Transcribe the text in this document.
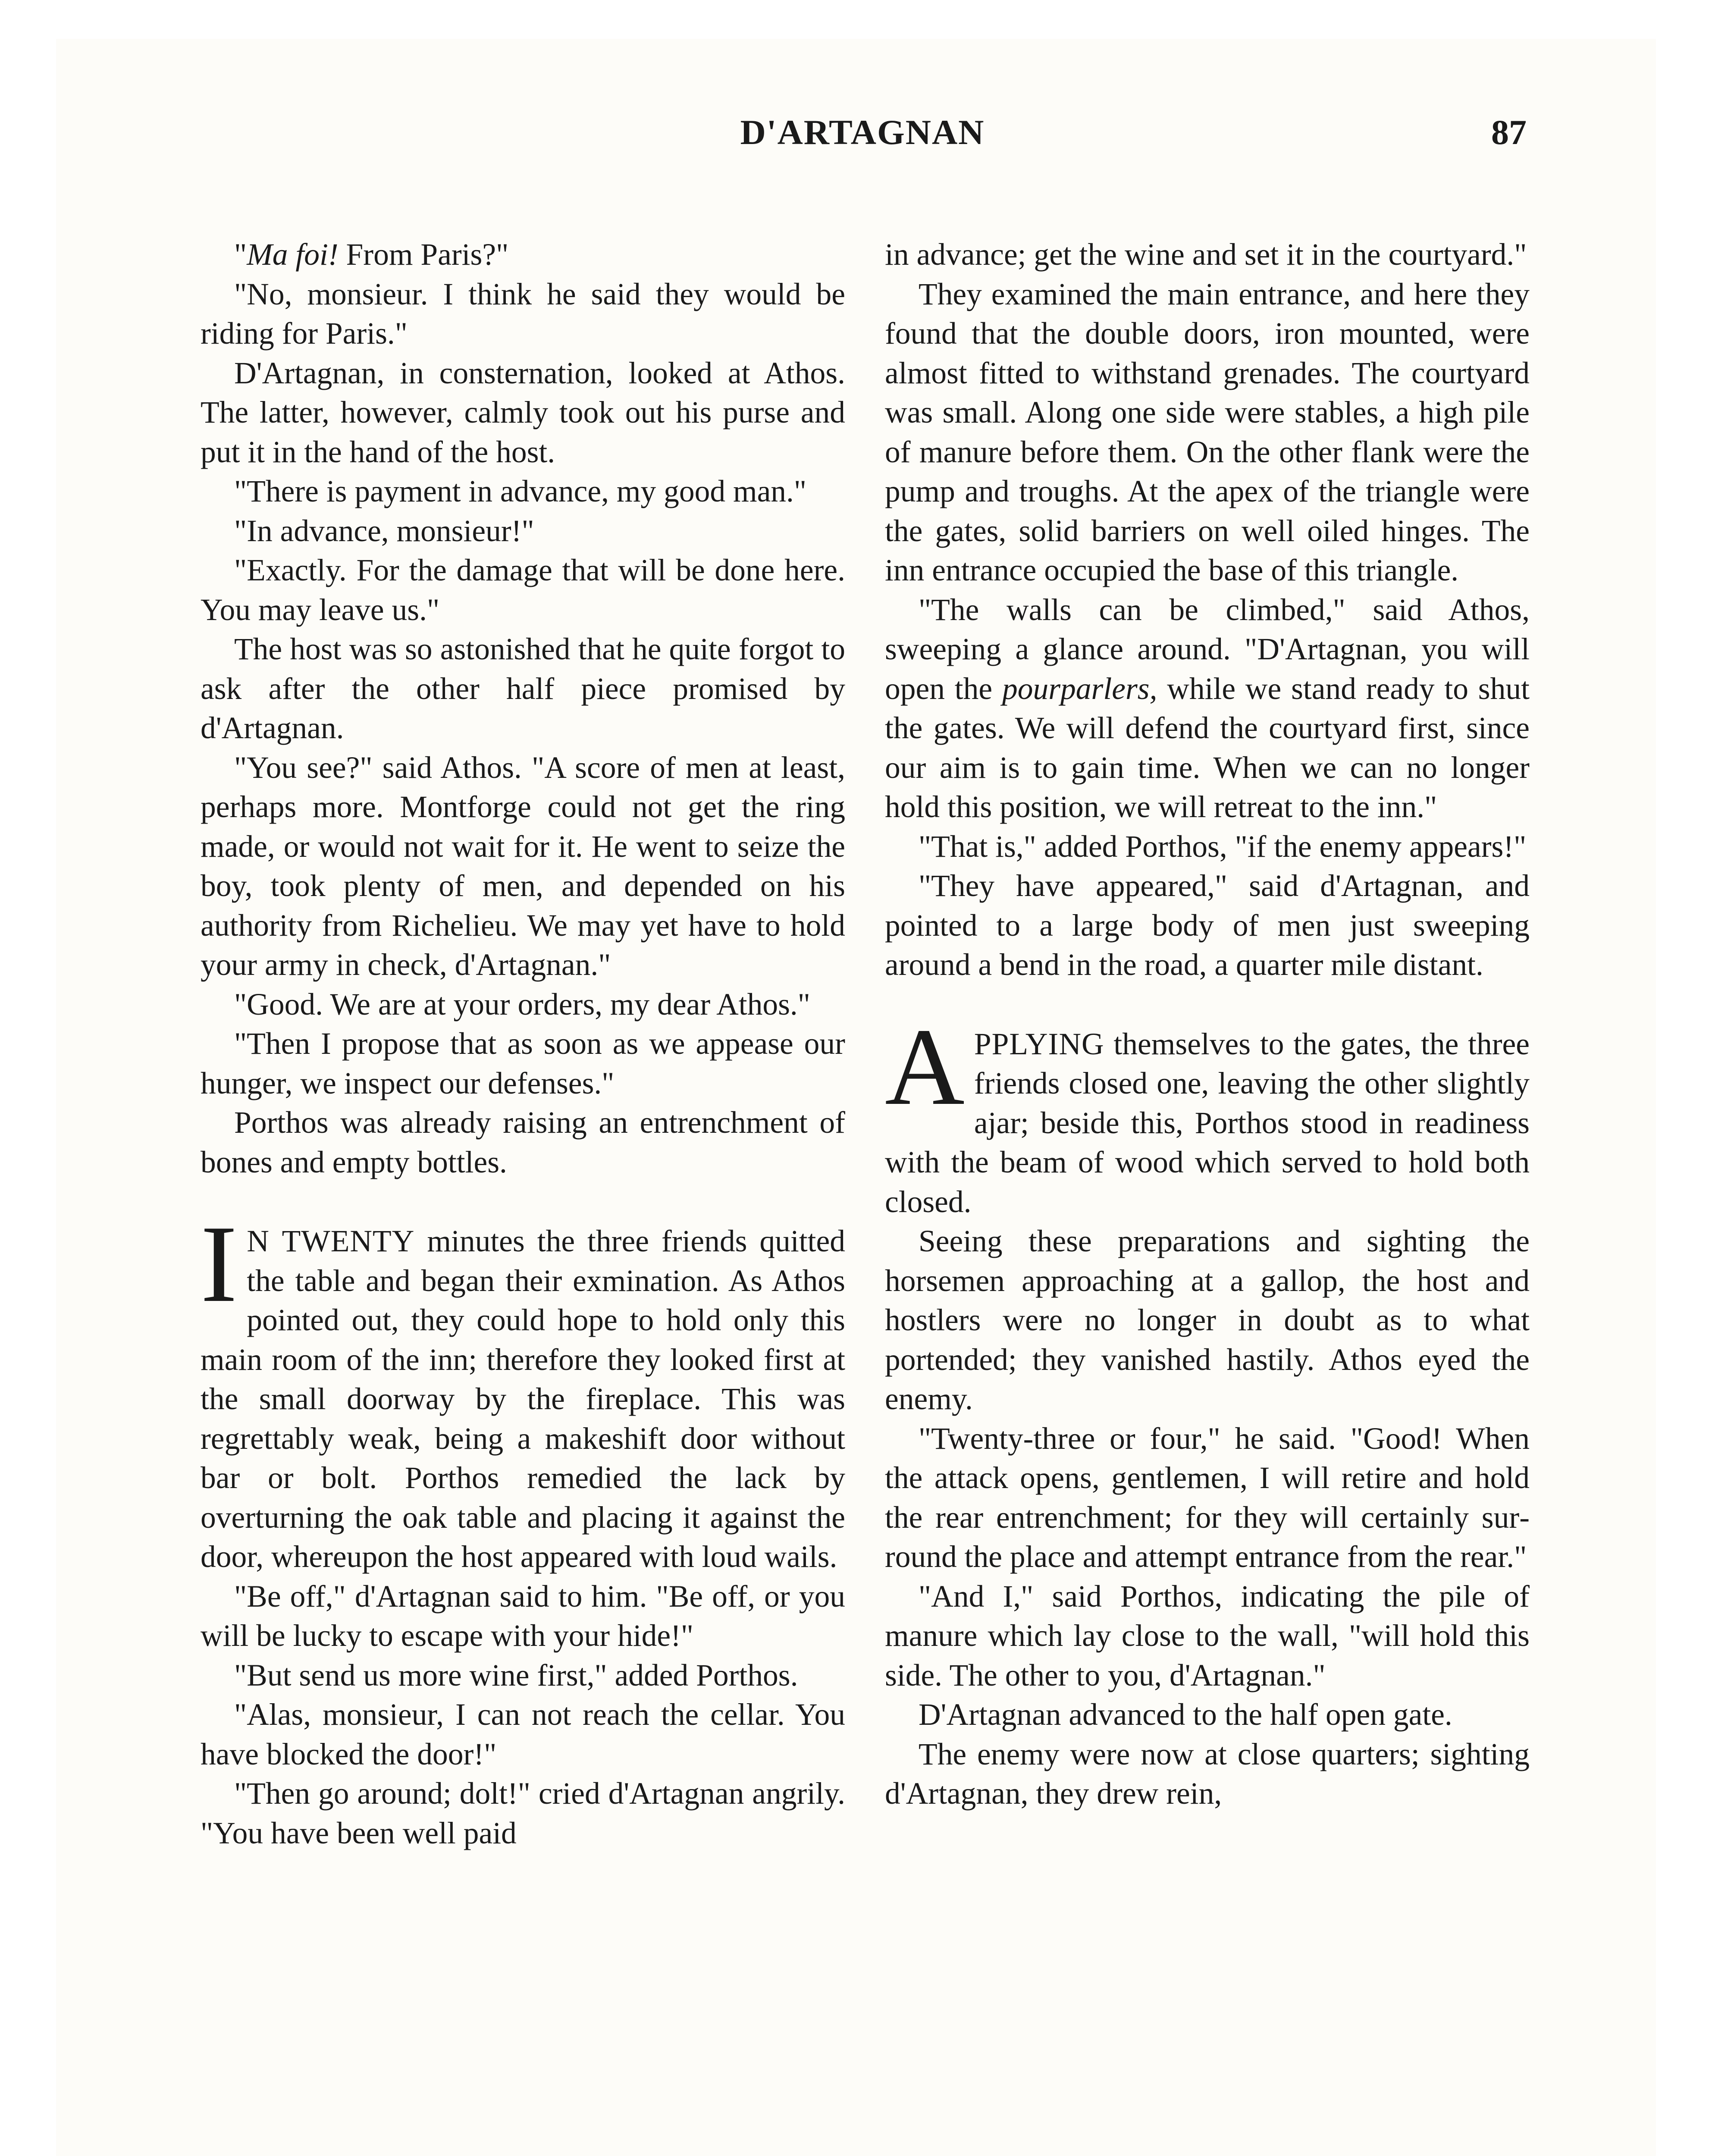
D'ARTAGNAN	87

"Ma foi! From Paris?"

"No, monsieur. I think he said they would be riding for Paris."

D'Artagnan, in consternation, looked at Athos. The latter, however, calmly took out his purse and put it in the hand of the host.

"There is payment in advance, my good man."

"In advance, monsieur!"

"Exactly. For the damage that will be done here. You may leave us."

The host was so astonished that he quite forgot to ask after the other half piece promised by d'Artagnan.

"You see?" said Athos. "A score of men at least, perhaps more. Montforge could not get the ring made, or would not wait for it. He went to seize the boy, took plenty of men, and depended on his authority from Richelieu. We may yet have to hold your army in check, d'Artagnan."

"Good. We are at your orders, my dear Athos."

"Then I propose that as soon as we appease our hunger, we inspect our defenses."

Porthos was already raising an entrenchment of bones and empty bottles.

I N TWENTY minutes the three friends quitted the table and began their exmination. As Athos pointed out, they could hope to hold only this main room of the inn; therefore they looked first at the small doorway by the fireplace. This was regrettably weak, being a makeshift door without bar or bolt. Porthos remedied the lack by overturning the oak table and placing it against the door, whereupon the host appeared with loud wails.

"Be off," d'Artagnan said to him. "Be off, or you will be lucky to escape with your hide!"

"But send us more wine first," added Porthos.

"Alas, monsieur, I can not reach the cellar. You have blocked the door!"

"Then go around; dolt!" cried d'Artagnan angrily. "You have been well paid

in advance; get the wine and set it in the courtyard."

They examined the main entrance, and here they found that the double doors, iron mounted, were almost fitted to withstand grenades. The courtyard was small. Along one side were stables, a high pile of manure before them. On the other flank were the pump and troughs. At the apex of the triangle were the gates, solid barriers on well oiled hinges. The inn entrance occupied the base of this triangle.

"The walls can be climbed," said Athos, sweeping a glance around. "D'Artagnan, you will open the pourparlers, while we stand ready to shut the gates. We will defend the courtyard first, since our aim is to gain time. When we can no longer hold this position, we will retreat to the inn."

"That is," added Porthos, "if the enemy appears!"

"They have appeared," said d'Artagnan, and pointed to a large body of men just sweeping around a bend in the road, a quarter mile distant.

APPLYING themselves to the gates, the three friends closed one, leaving the other slightly ajar; beside this, Porthos stood in readiness with the beam of wood which served to hold both closed.

Seeing these preparations and sighting the horsemen approaching at a gallop, the host and hostlers were no longer in doubt as to what portended; they vanished hastily. Athos eyed the enemy.

"Twenty-three or four," he said. "Good! When the attack opens, gentlemen, I will retire and hold the rear entrenchment; for they will certainly surround the place and attempt entrance from the rear."

"And I," said Porthos, indicating the pile of manure which lay close to the wall, "will hold this side. The other to you, d'Artagnan."

D'Artagnan advanced to the half open gate.

The enemy were now at close quarters; sighting d'Artagnan, they drew rein,
